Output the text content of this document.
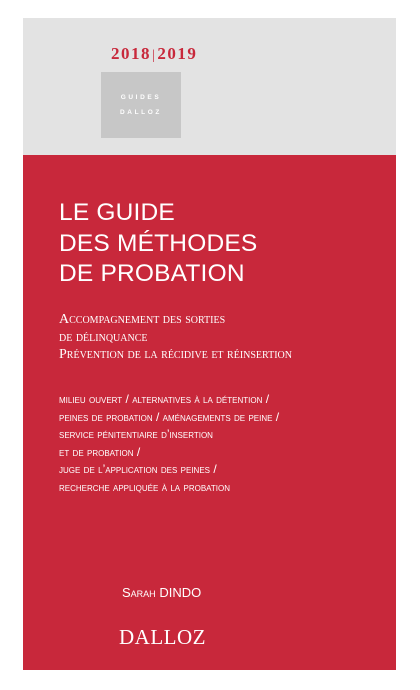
2018|2019
GUIDES
DALLOZ
LE GUIDE
DES MÉTHODES
DE PROBATION
Accompagnement des sorties
de délinquance
Prévention de la récidive et réinsertion
milieu ouvert / alternatives à la détention /
peines de probation / aménagements de peine /
service pénitentiaire d’insertion
et de probation /
juge de l’application des peines /
recherche appliquée à la probation
Sarah DINDO
DALLOZ
